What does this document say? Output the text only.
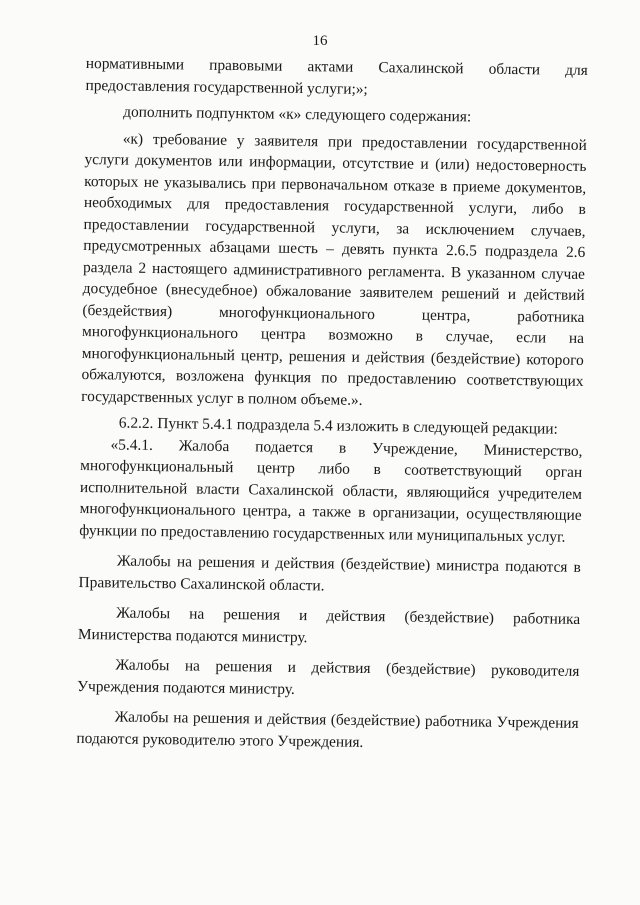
16

нормативными правовыми актами Сахалинской области для предоставления государственной услуги;»;

дополнить подпунктом «к» следующего содержания:

«к) требование у заявителя при предоставлении государственной услуги документов или информации, отсутствие и (или) недостоверность которых не указывались при первоначальном отказе в приеме документов, необходимых для предоставления государственной услуги, либо в предоставлении государственной услуги, за исключением случаев, предусмотренных абзацами шесть – девять пункта 2.6.5 подраздела 2.6 раздела 2 настоящего административного регламента. В указанном случае досудебное (внесудебное) обжалование заявителем решений и действий (бездействия) многофункционального центра, работника многофункционального центра возможно в случае, если на многофункциональный центр, решения и действия (бездействие) которого обжалуются, возложена функция по предоставлению соответствующих государственных услуг в полном объеме.».

6.2.2. Пункт 5.4.1 подраздела 5.4 изложить в следующей редакции:

«5.4.1. Жалоба подается в Учреждение, Министерство, многофункциональный центр либо в соответствующий орган исполнительной власти Сахалинской области, являющийся учредителем многофункционального центра, а также в организации, осуществляющие функции по предоставлению государственных или муниципальных услуг.

Жалобы на решения и действия (бездействие) министра подаются в Правительство Сахалинской области.

Жалобы на решения и действия (бездействие) работника Министерства подаются министру.

Жалобы на решения и действия (бездействие) руководителя Учреждения подаются министру.

Жалобы на решения и действия (бездействие) работника Учреждения подаются руководителю этого Учреждения.
